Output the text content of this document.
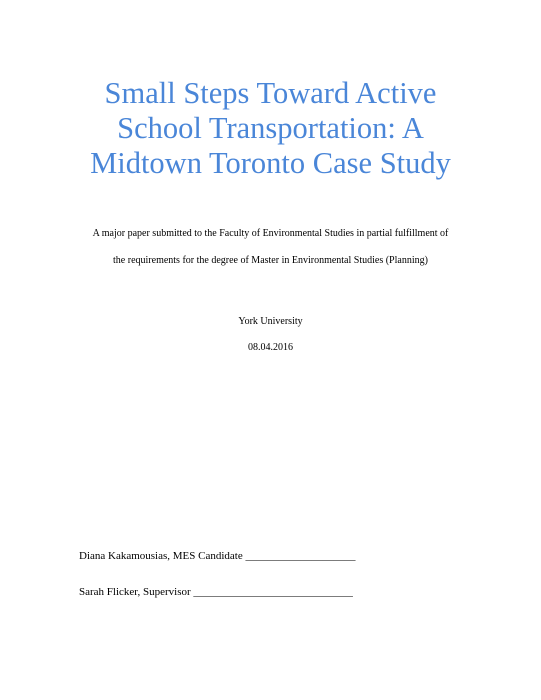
Small Steps Toward Active
School Transportation: A
Midtown Toronto Case Study
A major paper submitted to the Faculty of Environmental Studies in partial fulfillment of
the requirements for the degree of Master in Environmental Studies (Planning)
York University
08.04.2016
Diana Kakamousias, MES Candidate ____________________
Sarah Flicker, Supervisor _____________________________
